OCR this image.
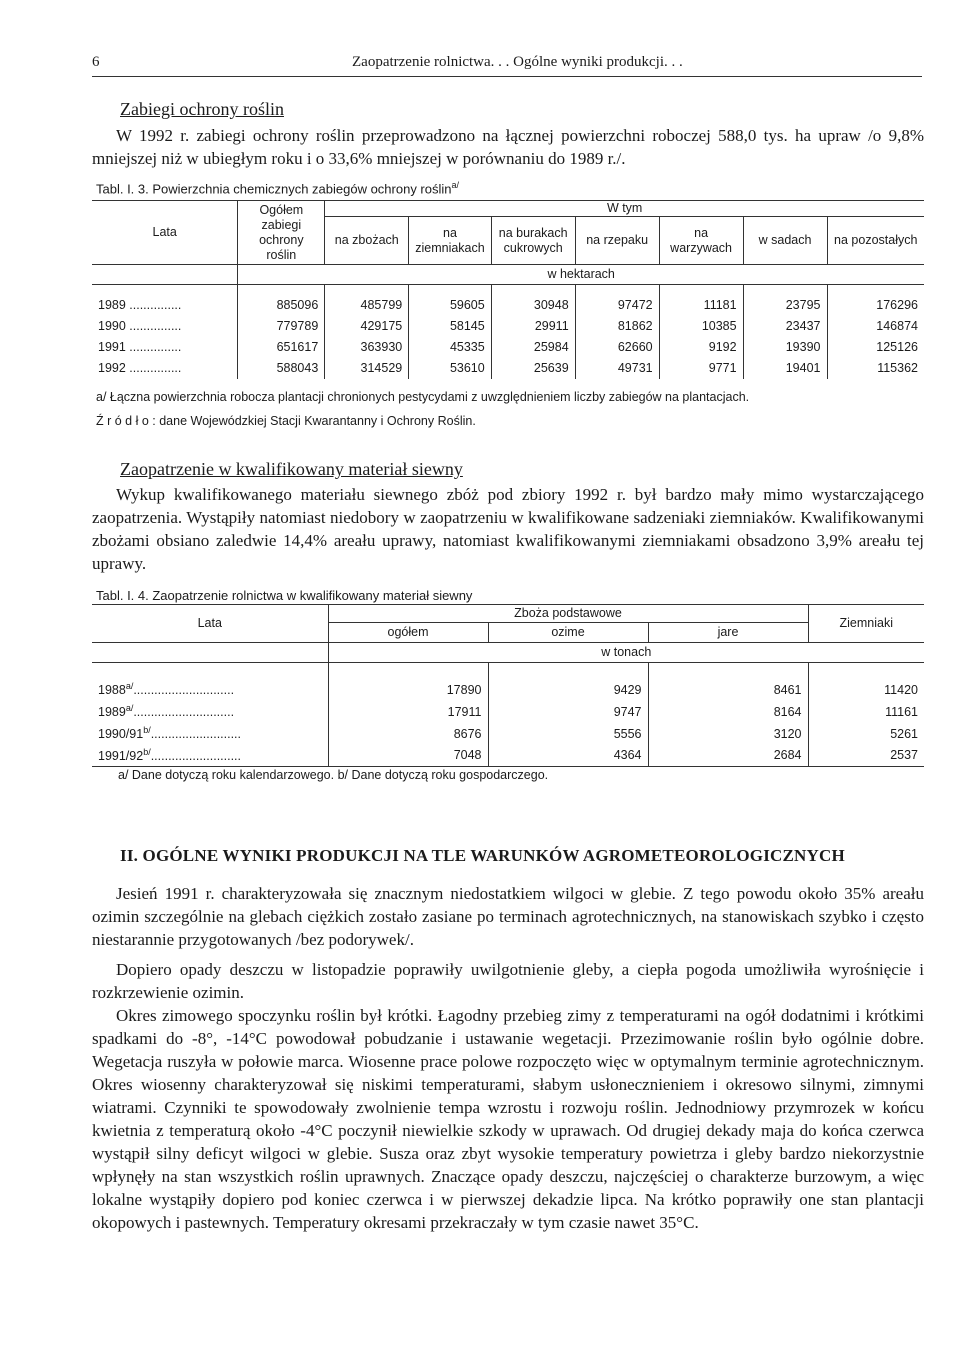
6	Zaopatrzenie rolnictwa. . . Ogólne wyniki produkcji. . .
Zabiegi ochrony roślin
W 1992 r. zabiegi ochrony roślin przeprowadzono na łącznej powierzchni roboczej 588,0 tys. ha upraw /o 9,8% mniejszej niż w ubiegłym roku i o 33,6% mniejszej w porównaniu do 1989 r./.
Tabl. I. 3. Powierzchnia chemicznych zabiegów ochrony roślin$^{a/}$
Lata	Ogółem zabiegi ochrony roślin	W tym						
		na zbożach	na ziemniakach	na burakach cukrowych	na rzepaku	na warzywach	w sadach	na pozostałych
	w hektarach							

1989 ...............	885096	485799	59605	30948	97472	11181	23795	176296
1990 ...............	779789	429175	58145	29911	81862	10385	23437	146874
1991 ...............	651617	363930	45335	25984	62660	9192	19390	125126
1992 ...............	588043	314529	53610	25639	49731	9771	19401	115362
a/ Łączna powierzchnia robocza plantacji chronionych pestycydami z uwzględnieniem liczby zabiegów na plantacjach.
Ź r ó d ł o : dane Wojewódzkiej Stacji Kwarantanny i Ochrony Roślin.
Zaopatrzenie w kwalifikowany materiał siewny
Wykup kwalifikowanego materiału siewnego zbóż pod zbiory 1992 r. był bardzo mały mimo wystarczającego zaopatrzenia. Wystąpiły natomiast niedobory w zaopatrzeniu w kwalifikowane sadzeniaki ziemniaków. Kwalifikowanymi zbożami obsiano zaledwie 14,4% areału uprawy, natomiast kwalifikowanymi ziemniakami obsadzono 3,9% areału tej uprawy.
Tabl. I. 4. Zaopatrzenie rolnictwa w kwalifikowany materiał siewny
Lata	Zboża podstawowe			Ziemniaki
	ogółem	ozime	jare	
	w tonach			

$1988^{a/}$.............................	17890	9429	8461	11420
$1989^{a/}$.............................	17911	9747	8164	11161
$1990/91^{b/}$..........................	8676	5556	3120	5261
$1991/92^{b/}$..........................	7048	4364	2684	2537
a/ Dane dotyczą roku kalendarzowego. b/ Dane dotyczą roku gospodarczego.
II. OGÓLNE WYNIKI PRODUKCJI NA TLE WARUNKÓW AGROMETEOROLOGICZNYCH
Jesień 1991 r. charakteryzowała się znacznym niedostatkiem wilgoci w glebie. Z tego powodu około 35% areału ozimin szczególnie na glebach ciężkich zostało zasiane po terminach agrotechnicznych, na stanowiskach szybko i często niestarannie przygotowanych /bez podorywek/.
Dopiero opady deszczu w listopadzie poprawiły uwilgotnienie gleby, a ciepła pogoda umożliwiła wyrośnięcie i rozkrzewienie ozimin.
Okres zimowego spoczynku roślin był krótki. Łagodny przebieg zimy z temperaturami na ogół dodatnimi i krótkimi spadkami do -8°, -14°C powodował pobudzanie i ustawanie wegetacji. Przezimowanie roślin było ogólnie dobre. Wegetacja ruszyła w połowie marca. Wiosenne prace polowe rozpoczęto więc w optymalnym terminie agrotechnicznym. Okres wiosenny charakteryzował się niskimi temperaturami, słabym usłonecznieniem i okresowo silnymi, zimnymi wiatrami. Czynniki te spowodowały zwolnienie tempa wzrostu i rozwoju roślin. Jednodniowy przymrozek w końcu kwietnia z temperaturą około -4°C poczynił niewielkie szkody w uprawach. Od drugiej dekady maja do końca czerwca wystąpił silny deficyt wilgoci w glebie. Susza oraz zbyt wysokie temperatury powietrza i gleby bardzo niekorzystnie wpłynęły na stan wszystkich roślin uprawnych. Znaczące opady deszczu, najczęściej o charakterze burzowym, a więc lokalne wystąpiły dopiero pod koniec czerwca i w pierwszej dekadzie lipca. Na krótko poprawiły one stan plantacji okopowych i pastewnych. Temperatury okresami przekraczały w tym czasie nawet 35°C.
